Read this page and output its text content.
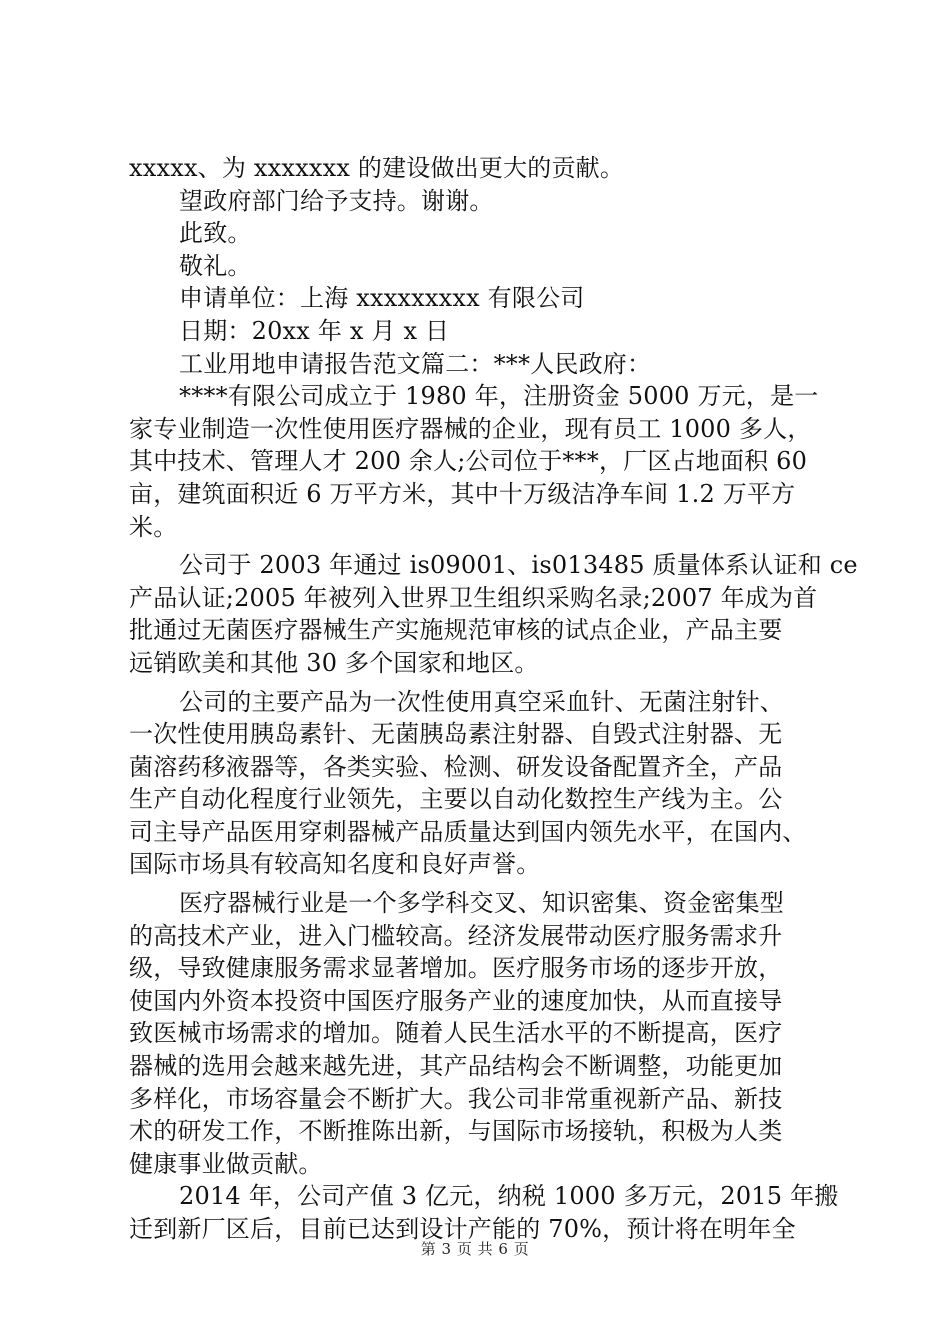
xxxxx、为 xxxxxxx 的建设做出更大的贡献。
望政府部门给予支持。谢谢。
此致。
敬礼。
申请单位：上海 xxxxxxxxx 有限公司
日期：20xx 年 x 月 x 日
工业用地申请报告范文篇二：***人民政府：
****有限公司成立于 1980 年，注册资金 5000 万元，是一
家专业制造一次性使用医疗器械的企业，现有员工 1000 多人，
其中技术、管理人才 200 余人;公司位于***，厂区占地面积 60
亩，建筑面积近 6 万平方米，其中十万级洁净车间 1.2 万平方
米。
公司于 2003 年通过 is09001、is013485 质量体系认证和 ce
产品认证;2005 年被列入世界卫生组织采购名录;2007 年成为首
批通过无菌医疗器械生产实施规范审核的试点企业，产品主要
远销欧美和其他 30 多个国家和地区。
公司的主要产品为一次性使用真空采血针、无菌注射针、
一次性使用胰岛素针、无菌胰岛素注射器、自毁式注射器、无
菌溶药移液器等，各类实验、检测、研发设备配置齐全，产品
生产自动化程度行业领先，主要以自动化数控生产线为主。公
司主导产品医用穿刺器械产品质量达到国内领先水平，在国内、
国际市场具有较高知名度和良好声誉。
医疗器械行业是一个多学科交叉、知识密集、资金密集型
的高技术产业，进入门槛较高。经济发展带动医疗服务需求升
级，导致健康服务需求显著增加。医疗服务市场的逐步开放，
使国内外资本投资中国医疗服务产业的速度加快，从而直接导
致医械市场需求的增加。随着人民生活水平的不断提高，医疗
器械的选用会越来越先进，其产品结构会不断调整，功能更加
多样化，市场容量会不断扩大。我公司非常重视新产品、新技
术的研发工作，不断推陈出新，与国际市场接轨，积极为人类
健康事业做贡献。
2014 年，公司产值 3 亿元，纳税 1000 多万元，2015 年搬
迁到新厂区后，目前已达到设计产能的 70%，预计将在明年全
第 3 页 共 6 页
